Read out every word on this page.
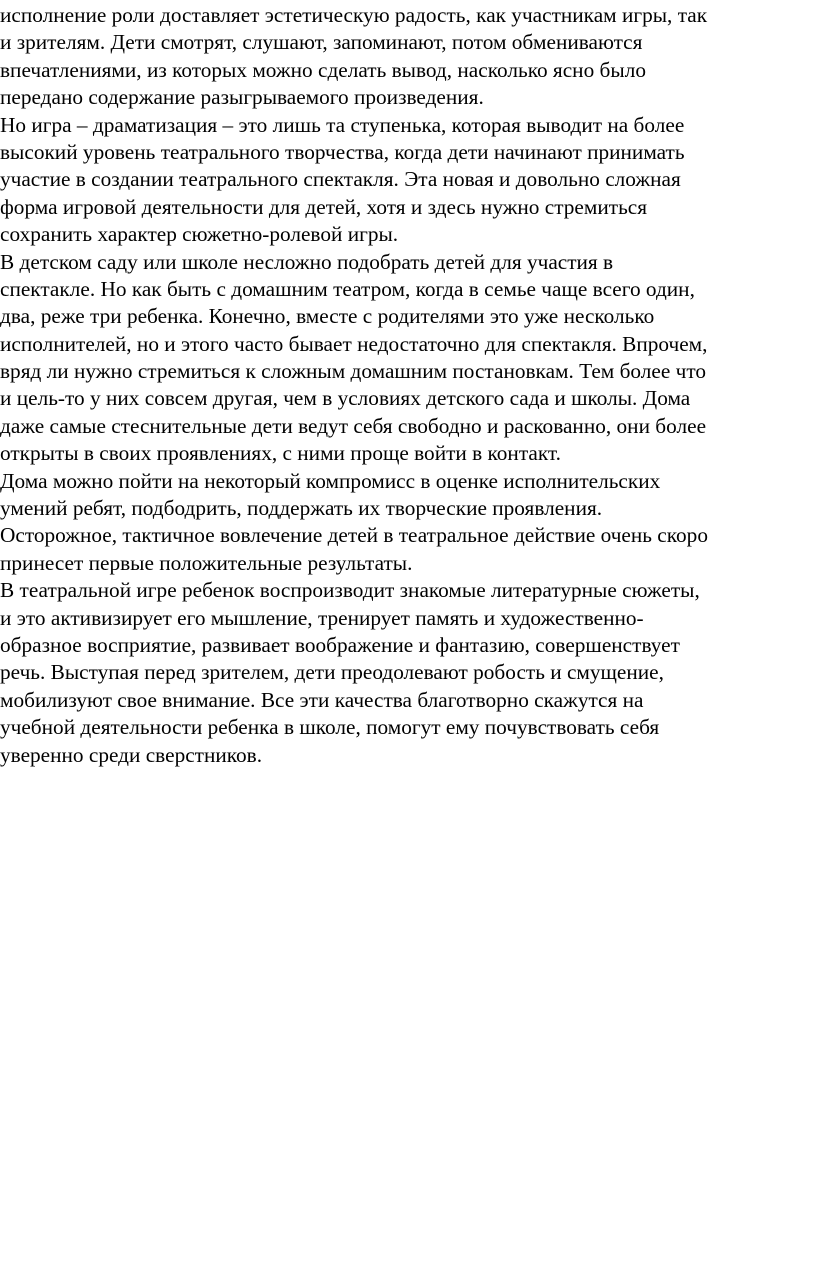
исполнение роли доставляет эстетическую радость, как участникам игры, так
и зрителям. Дети смотрят, слушают, запоминают, потом обмениваются
впечатлениями, из которых можно сделать вывод, насколько ясно было
передано содержание разыгрываемого произведения.
Но игра – драматизация – это лишь та ступенька, которая выводит на более
высокий уровень театрального творчества, когда дети начинают принимать
участие в создании театрального спектакля. Эта новая и довольно сложная
форма игровой деятельности для детей, хотя и здесь нужно стремиться
сохранить характер сюжетно-ролевой игры.
В детском саду или школе несложно подобрать детей для участия в
спектакле. Но как быть с домашним театром, когда в семье чаще всего один,
два, реже три ребенка. Конечно, вместе с родителями это уже несколько
исполнителей, но и этого часто бывает недостаточно для спектакля. Впрочем,
вряд ли нужно стремиться к сложным домашним постановкам. Тем более что
и цель-то у них совсем другая, чем в условиях детского сада и школы. Дома
даже самые стеснительные дети ведут себя свободно и раскованно, они более
открыты в своих проявлениях, с ними проще войти в контакт.
Дома можно пойти на некоторый компромисс в оценке исполнительских
умений ребят, подбодрить, поддержать их творческие проявления.
Осторожное, тактичное вовлечение детей в театральное действие очень скоро
принесет первые положительные результаты.
В театральной игре ребенок воспроизводит знакомые литературные сюжеты,
и это активизирует его мышление, тренирует память и художественно-
образное восприятие, развивает воображение и фантазию, совершенствует
речь. Выступая перед зрителем, дети преодолевают робость и смущение,
мобилизуют свое внимание. Все эти качества благотворно скажутся на
учебной деятельности ребенка в школе, помогут ему почувствовать себя
уверенно среди сверстников.
